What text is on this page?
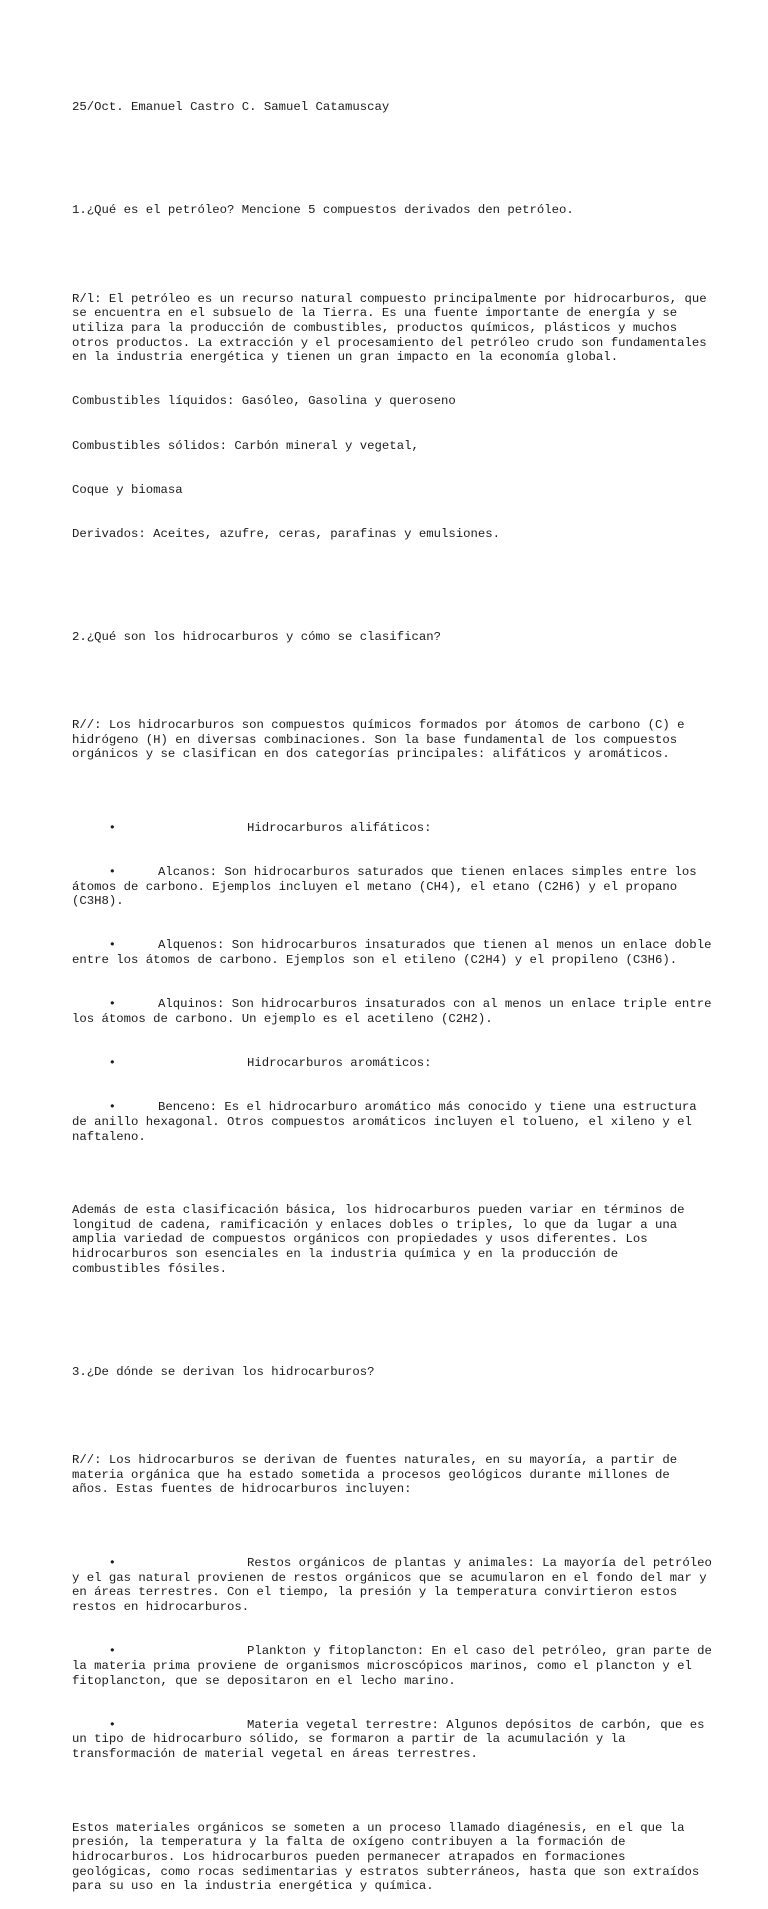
25/Oct. Emanuel Castro C. Samuel Catamuscay

1.¿Qué es el petróleo? Mencione 5 compuestos derivados den petróleo.

R/l: El petróleo es un recurso natural compuesto principalmente por hidrocarburos, que se encuentra en el subsuelo de la Tierra. Es una fuente importante de energía y se utiliza para la producción de combustibles, productos químicos, plásticos y muchos otros productos. La extracción y el procesamiento del petróleo crudo son fundamentales en la industria energética y tienen un gran impacto en la economía global.

Combustibles líquidos: Gasóleo, Gasolina y queroseno

Combustibles sólidos: Carbón mineral y vegetal,

Coque y biomasa

Derivados: Aceites, azufre, ceras, parafinas y emulsiones.

2.¿Qué son los hidrocarburos y cómo se clasifican?

R//: Los hidrocarburos son compuestos químicos formados por átomos de carbono (C) e hidrógeno (H) en diversas combinaciones. Son la base fundamental de los compuestos orgánicos y se clasifican en dos categorías principales: alifáticos y aromáticos.

•	Hidrocarburos alifáticos:

•	Alcanos: Son hidrocarburos saturados que tienen enlaces simples entre los átomos de carbono. Ejemplos incluyen el metano (CH4), el etano (C2H6) y el propano (C3H8).

•	Alquenos: Son hidrocarburos insaturados que tienen al menos un enlace doble entre los átomos de carbono. Ejemplos son el etileno (C2H4) y el propileno (C3H6).

•	Alquinos: Son hidrocarburos insaturados con al menos un enlace triple entre los átomos de carbono. Un ejemplo es el acetileno (C2H2).

•	Hidrocarburos aromáticos:

•	Benceno: Es el hidrocarburo aromático más conocido y tiene una estructura de anillo hexagonal. Otros compuestos aromáticos incluyen el tolueno, el xileno y el naftaleno.

Además de esta clasificación básica, los hidrocarburos pueden variar en términos de longitud de cadena, ramificación y enlaces dobles o triples, lo que da lugar a una amplia variedad de compuestos orgánicos con propiedades y usos diferentes. Los hidrocarburos son esenciales en la industria química y en la producción de combustibles fósiles.

3.¿De dónde se derivan los hidrocarburos?

R//: Los hidrocarburos se derivan de fuentes naturales, en su mayoría, a partir de materia orgánica que ha estado sometida a procesos geológicos durante millones de años. Estas fuentes de hidrocarburos incluyen:

•	Restos orgánicos de plantas y animales: La mayoría del petróleo y el gas natural provienen de restos orgánicos que se acumularon en el fondo del mar y en áreas terrestres. Con el tiempo, la presión y la temperatura convirtieron estos restos en hidrocarburos.

•	Plankton y fitoplancton: En el caso del petróleo, gran parte de la materia prima proviene de organismos microscópicos marinos, como el plancton y el fitoplancton, que se depositaron en el lecho marino.

•	Materia vegetal terrestre: Algunos depósitos de carbón, que es un tipo de hidrocarburo sólido, se formaron a partir de la acumulación y la transformación de material vegetal en áreas terrestres.

Estos materiales orgánicos se someten a un proceso llamado diagénesis, en el que la presión, la temperatura y la falta de oxígeno contribuyen a la formación de hidrocarburos. Los hidrocarburos pueden permanecer atrapados en formaciones geológicas, como rocas sedimentarias y estratos subterráneos, hasta que son extraídos para su uso en la industria energética y química.
